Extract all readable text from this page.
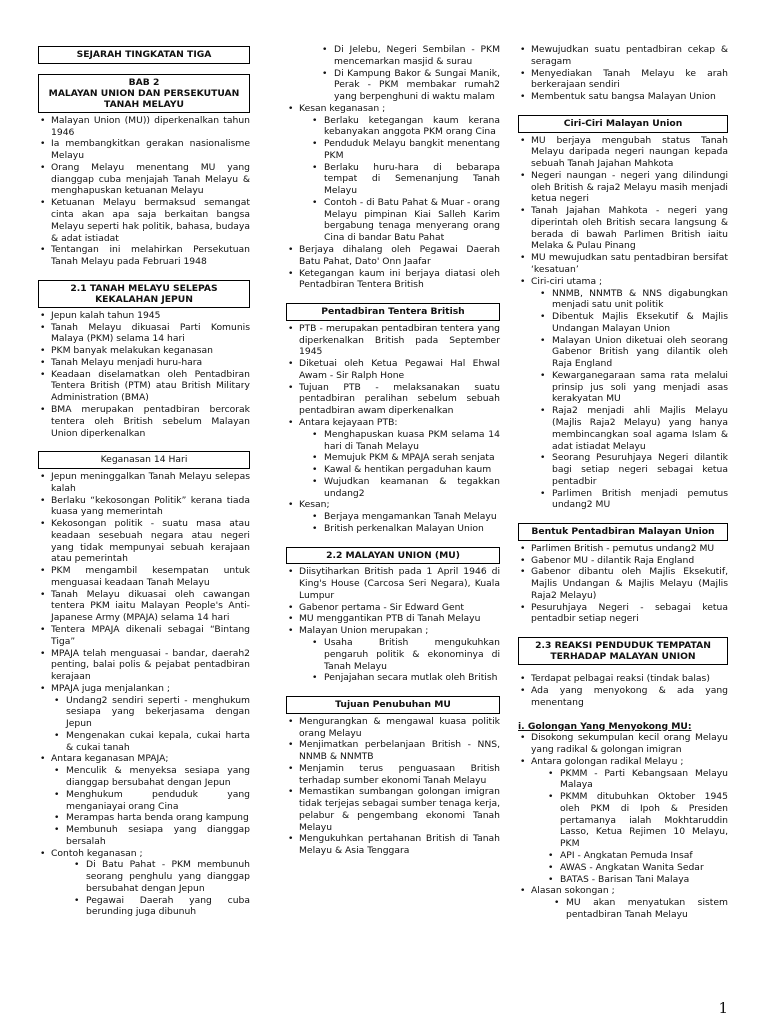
SEJARAH TINGKATAN TIGA
BAB 2
MALAYAN UNION DAN PERSEKUTUAN
TANAH MELAYU
• Malayan Union (MU)) diperkenalkan tahun 1946
• Ia membangkitkan gerakan nasionalisme Melayu
• Orang Melayu menentang MU yang dianggap cuba menjajah Tanah Melayu & menghapuskan ketuanan Melayu
• Ketuanan Melayu bermaksud semangat cinta akan apa saja berkaitan bangsa Melayu seperti hak politik, bahasa, budaya & adat istiadat
• Tentangan ini melahirkan Persekutuan Tanah Melayu pada Februari 1948
2.1 TANAH MELAYU SELEPAS
KEKALAHAN JEPUN
• Jepun kalah tahun 1945
• Tanah Melayu dikuasai Parti Komunis Malaya (PKM) selama 14 hari
• PKM banyak melakukan keganasan
• Tanah Melayu menjadi huru-hara
• Keadaan diselamatkan oleh Pentadbiran Tentera British (PTM) atau British Military Administration (BMA)
• BMA merupakan pentadbiran bercorak tentera oleh British sebelum Malayan Union diperkenalkan
Keganasan 14 Hari
• Jepun meninggalkan Tanah Melayu selepas kalah
• Berlaku “kekosongan Politik” kerana tiada kuasa yang memerintah
• Kekosongan politik - suatu masa atau keadaan sesebuah negara atau negeri yang tidak mempunyai sebuah kerajaan atau pemerintah
• PKM mengambil kesempatan untuk menguasai keadaan Tanah Melayu
• Tanah Melayu dikuasai oleh cawangan tentera PKM iaitu Malayan People's Anti-Japanese Army (MPAJA) selama 14 hari
• Tentera MPAJA dikenali sebagai “Bintang Tiga”
• MPAJA telah menguasai - bandar, daerah2 penting, balai polis & pejabat pentadbiran kerajaan
• MPAJA juga menjalankan ;
• Undang2 sendiri seperti - menghukum sesiapa yang bekerjasama dengan Jepun
• Mengenakan cukai kepala, cukai harta & cukai tanah
• Antara keganasan MPAJA;
• Menculik & menyeksa sesiapa yang dianggap bersubahat dengan Jepun
• Menghukum penduduk yang menganiayai orang Cina
• Merampas harta benda orang kampung
• Membunuh sesiapa yang dianggap bersalah
• Contoh keganasan ;
• Di Batu Pahat - PKM membunuh seorang penghulu yang dianggap bersubahat dengan Jepun
• Pegawai Daerah yang cuba berunding juga dibunuh
• Di Jelebu, Negeri Sembilan - PKM mencemarkan masjid & surau
• Di Kampung Bakor & Sungai Manik, Perak - PKM membakar rumah2 yang berpenghuni di waktu malam
• Kesan keganasan ;
• Berlaku ketegangan kaum kerana kebanyakan anggota PKM orang Cina
• Penduduk Melayu bangkit menentang PKM
• Berlaku huru-hara di bebarapa tempat di Semenanjung Tanah Melayu
• Contoh - di Batu Pahat & Muar - orang Melayu pimpinan Kiai Salleh Karim bergabung tenaga menyerang orang Cina di bandar Batu Pahat
• Berjaya dihalang oleh Pegawai Daerah Batu Pahat, Dato' Onn Jaafar
• Ketegangan kaum ini berjaya diatasi oleh Pentadbiran Tentera British
Pentadbiran Tentera British
• PTB - merupakan pentadbiran tentera yang diperkenalkan British pada September 1945
• Diketuai oleh Ketua Pegawai Hal Ehwal Awam - Sir Ralph Hone
• Tujuan PTB - melaksanakan suatu pentadbiran peralihan sebelum sebuah pentadbiran awam diperkenalkan
• Antara kejayaan PTB:
• Menghapuskan kuasa PKM selama 14 hari di Tanah Melayu
• Memujuk PKM & MPAJA serah senjata
• Kawal & hentikan pergaduhan kaum
• Wujudkan keamanan & tegakkan undang2
• Kesan;
• Berjaya mengamankan Tanah Melayu
• British perkenalkan Malayan Union
2.2 MALAYAN UNION (MU)
• Diisytiharkan British pada 1 April 1946 di King's House (Carcosa Seri Negara), Kuala Lumpur
• Gabenor pertama - Sir Edward Gent
• MU menggantikan PTB di Tanah Melayu
• Malayan Union merupakan ;
• Usaha British mengukuhkan pengaruh politik & ekonominya di Tanah Melayu
• Penjajahan secara mutlak oleh British
Tujuan Penubuhan MU
• Mengurangkan & mengawal kuasa politik orang Melayu
• Menjimatkan perbelanjaan British - NNS, NNMB & NNMTB
• Menjamin terus penguasaan British terhadap sumber ekonomi Tanah Melayu
• Memastikan sumbangan golongan imigran tidak terjejas sebagai sumber tenaga kerja, pelabur & pengembang ekonomi Tanah Melayu
• Mengukuhkan pertahanan British di Tanah Melayu & Asia Tenggara
• Mewujudkan suatu pentadbiran cekap & seragam
• Menyediakan Tanah Melayu ke arah berkerajaan sendiri
• Membentuk satu bangsa Malayan Union
Ciri-Ciri Malayan Union
• MU berjaya mengubah status Tanah Melayu daripada negeri naungan kepada sebuah Tanah Jajahan Mahkota
• Negeri naungan - negeri yang dilindungi oleh British & raja2 Melayu masih menjadi ketua negeri
• Tanah Jajahan Mahkota - negeri yang diperintah oleh British secara langsung & berada di bawah Parlimen British iaitu Melaka & Pulau Pinang
• MU mewujudkan satu pentadbiran bersifat ‘kesatuan’
• Ciri-ciri utama ;
• NNMB, NNMTB & NNS digabungkan menjadi satu unit politik
• Dibentuk Majlis Eksekutif & Majlis Undangan Malayan Union
• Malayan Union diketuai oleh seorang Gabenor British yang dilantik oleh Raja England
• Kewarganegaraan sama rata melalui prinsip jus soli yang menjadi asas kerakyatan MU
• Raja2 menjadi ahli Majlis Melayu (Majlis Raja2 Melayu) yang hanya membincangkan soal agama Islam & adat istiadat Melayu
• Seorang Pesuruhjaya Negeri dilantik bagi setiap negeri sebagai ketua pentadbir
• Parlimen British menjadi pemutus undang2 MU
Bentuk Pentadbiran Malayan Union
• Parlimen British - pemutus undang2 MU
• Gabenor MU - dilantik Raja England
• Gabenor dibantu oleh Majlis Eksekutif, Majlis Undangan & Majlis Melayu (Majlis Raja2 Melayu)
• Pesuruhjaya Negeri - sebagai ketua pentadbir setiap negeri
2.3 REAKSI PENDUDUK TEMPATAN
TERHADAP MALAYAN UNION
• Terdapat pelbagai reaksi (tindak balas)
• Ada yang menyokong & ada yang menentang
i. Golongan Yang Menyokong MU:
• Disokong sekumpulan kecil orang Melayu yang radikal & golongan imigran
• Antara golongan radikal Melayu ;
• PKMM - Parti Kebangsaan Melayu Malaya
• PKMM ditubuhkan Oktober 1945 oleh PKM di Ipoh & Presiden pertamanya ialah Mokhtaruddin Lasso, Ketua Rejimen 10 Melayu, PKM
• API - Angkatan Pemuda Insaf
• AWAS - Angkatan Wanita Sedar
• BATAS - Barisan Tani Malaya
• Alasan sokongan ;
• MU akan menyatukan sistem pentadbiran Tanah Melayu
1
